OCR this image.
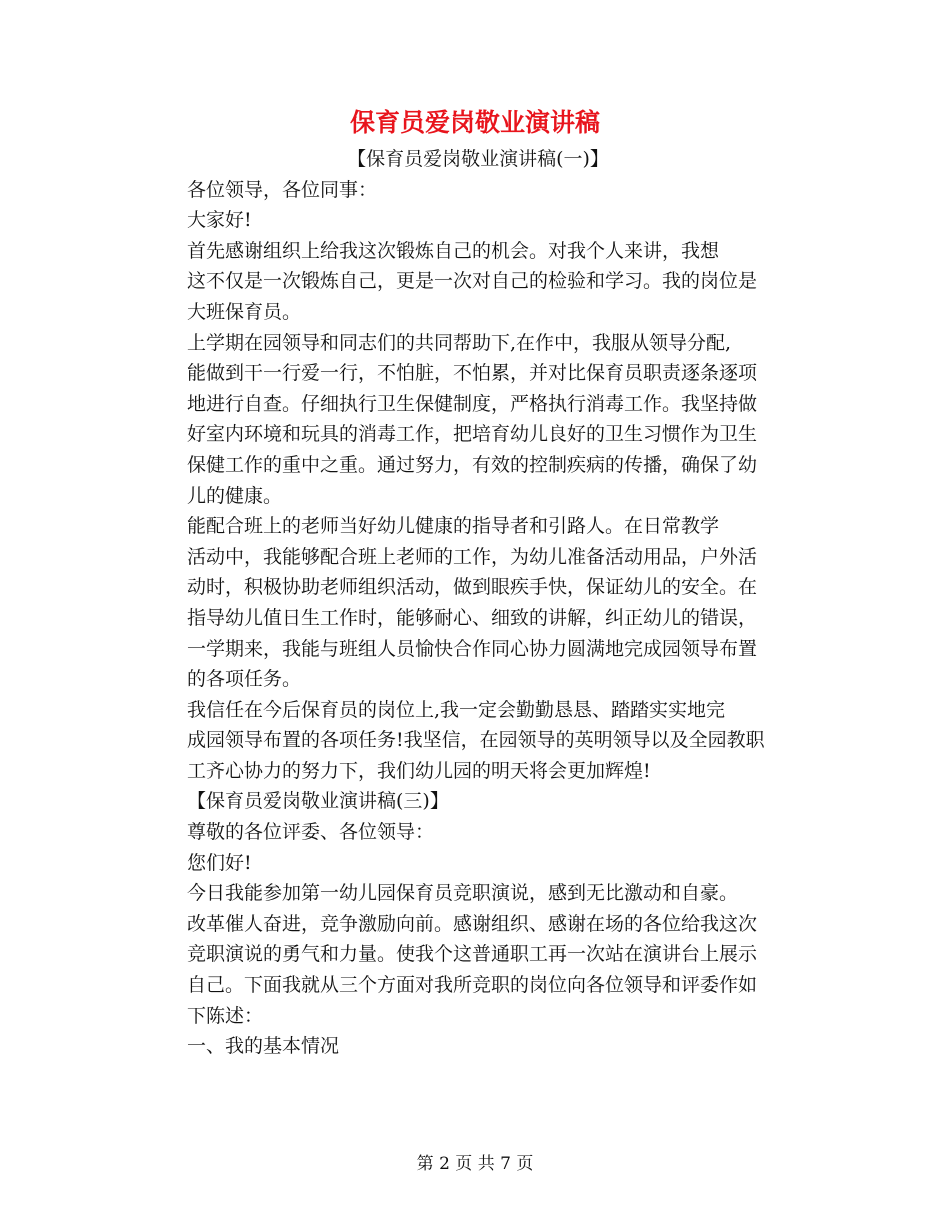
保育员爱岗敬业演讲稿

【保育员爱岗敬业演讲稿(一)】

各位领导，各位同事：

大家好!

首先感谢组织上给我这次锻炼自己的机会。对我个人来讲，我想
这不仅是一次锻炼自己，更是一次对自己的检验和学习。我的岗位是
大班保育员。

上学期在园领导和同志们的共同帮助下,在作中，我服从领导分配,
能做到干一行爱一行，不怕脏，不怕累，并对比保育员职责逐条逐项
地进行自查。仔细执行卫生保健制度，严格执行消毒工作。我坚持做
好室内环境和玩具的消毒工作，把培育幼儿良好的卫生习惯作为卫生
保健工作的重中之重。通过努力，有效的控制疾病的传播，确保了幼
儿的健康。

能配合班上的老师当好幼儿健康的指导者和引路人。在日常教学
活动中，我能够配合班上老师的工作，为幼儿准备活动用品，户外活
动时，积极协助老师组织活动，做到眼疾手快，保证幼儿的安全。在
指导幼儿值日生工作时，能够耐心、细致的讲解，纠正幼儿的错误，
一学期来，我能与班组人员愉快合作同心协力圆满地完成园领导布置
的各项任务。

我信任在今后保育员的岗位上,我一定会勤勤恳恳、踏踏实实地完
成园领导布置的各项任务!我坚信，在园领导的英明领导以及全园教职
工齐心协力的努力下，我们幼儿园的明天将会更加辉煌!

【保育员爱岗敬业演讲稿(三)】

尊敬的各位评委、各位领导：

您们好!

今日我能参加第一幼儿园保育员竞职演说，感到无比激动和自豪。
改革催人奋进，竞争激励向前。感谢组织、感谢在场的各位给我这次
竞职演说的勇气和力量。使我个这普通职工再一次站在演讲台上展示
自己。下面我就从三个方面对我所竞职的岗位向各位领导和评委作如
下陈述：

一、我的基本情况

第 2 页 共 7 页
